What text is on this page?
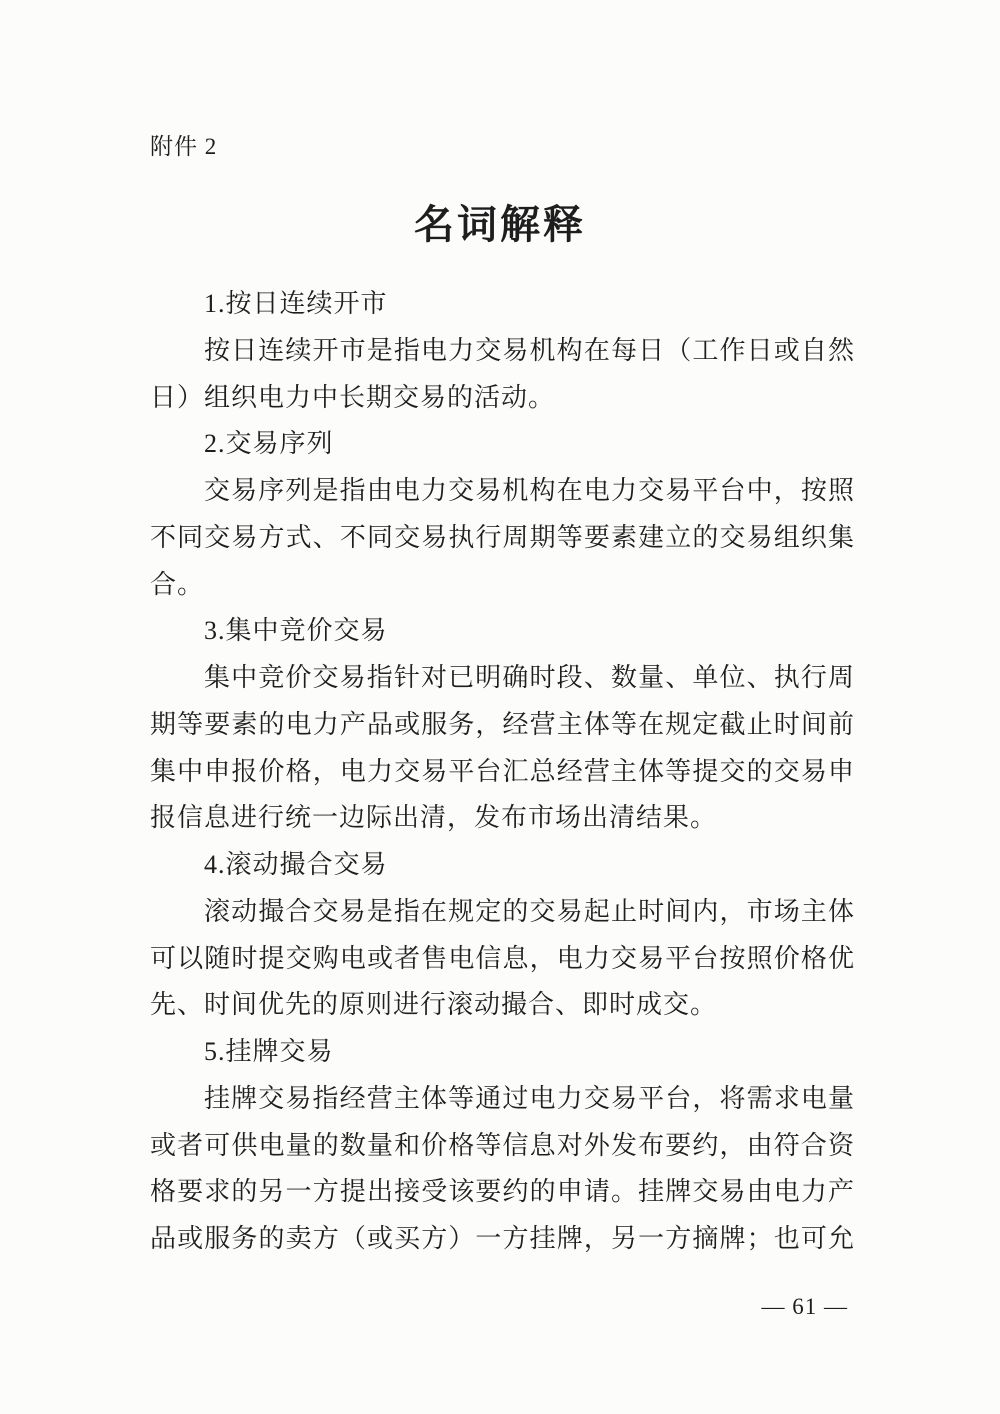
附件 2
名词解释
1.按日连续开市
按日连续开市是指电力交易机构在每日（工作日或自然
日）组织电力中长期交易的活动。
2.交易序列
交易序列是指由电力交易机构在电力交易平台中，按照
不同交易方式、不同交易执行周期等要素建立的交易组织集
合。
3.集中竞价交易
集中竞价交易指针对已明确时段、数量、单位、执行周
期等要素的电力产品或服务，经营主体等在规定截止时间前
集中申报价格，电力交易平台汇总经营主体等提交的交易申
报信息进行统一边际出清，发布市场出清结果。
4.滚动撮合交易
滚动撮合交易是指在规定的交易起止时间内，市场主体
可以随时提交购电或者售电信息，电力交易平台按照价格优
先、时间优先的原则进行滚动撮合、即时成交。
5.挂牌交易
挂牌交易指经营主体等通过电力交易平台，将需求电量
或者可供电量的数量和价格等信息对外发布要约，由符合资
格要求的另一方提出接受该要约的申请。挂牌交易由电力产
品或服务的卖方（或买方）一方挂牌，另一方摘牌；也可允
— 61 —
